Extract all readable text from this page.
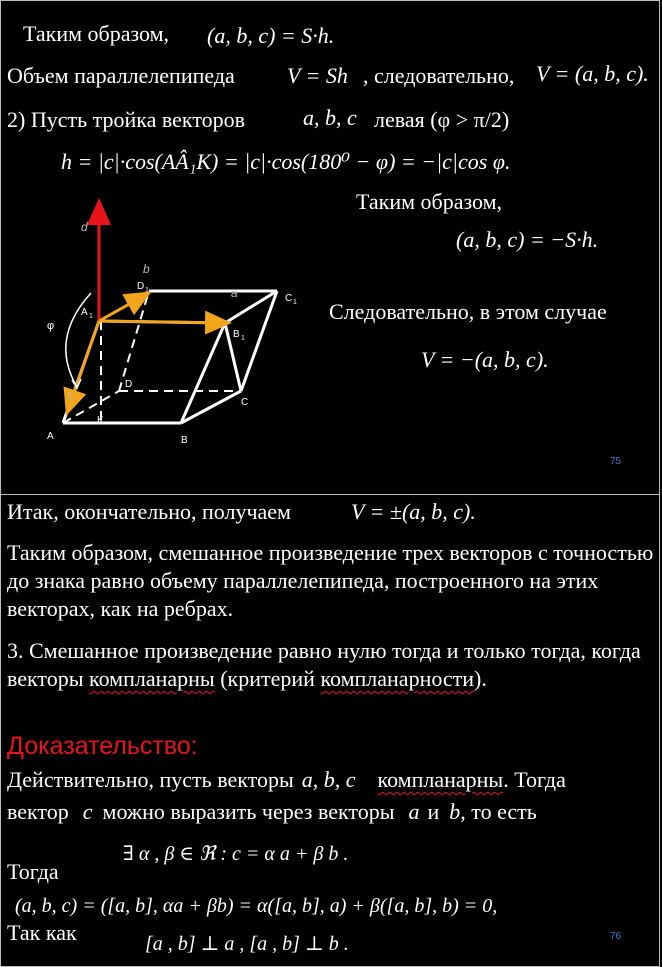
Таким образом, (a, b, c) = S·h.
Объем параллелепипеда V = Sh , следовательно, V = (a, b, c).
2) Пусть тройка векторов	a, b, c левая (φ > π/2)
h = |c|·cos(AÂ₁K) = |c|·cos(180⁰ − φ) = −|c|cos φ.
Таким образом,
(a, b, c) = −S·h.
Следовательно, в этом случае
V = −(a, b, c).
A	B
C
D
K
A 1
B 1
C 1
D 1
φ
d
b
a
c
75
Итак, окончательно, получаем	V = ±(a, b, c).
Таким образом, смешанное произведение трех векторов с точностью до знака равно объему параллелепипеда, построенного на этих векторах, как на ребрах.
3. Смешанное произведение равно нулю тогда и только тогда, когда векторы компланарны (критерий компланарности).
Доказательство:
Действительно, пусть векторы a, b, c компланарны. Тогда
вектор c можно выразить через векторы a и b, то есть
∃ α , β ∈ ℜ : c = α a + β b .
Тогда
(a, b, c) = ([a, b], αa + βb) = α([a, b], a) + β([a, b], b) = 0,
Так как	[a , b] ⊥ a , [a , b] ⊥ b .	76
